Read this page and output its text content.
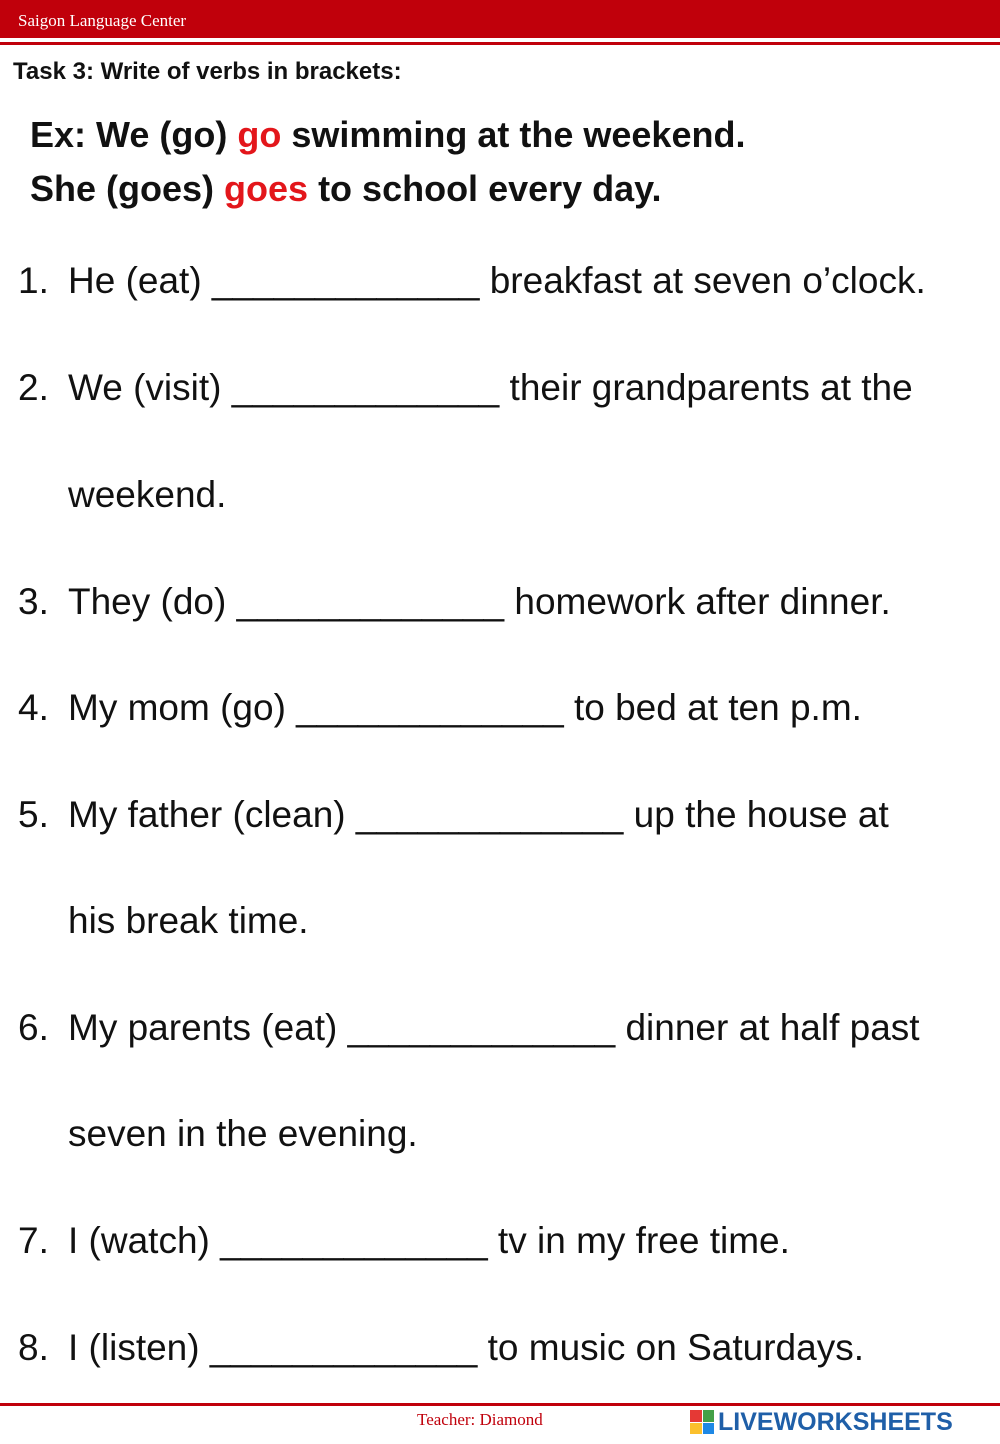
Saigon Language Center
Task 3: Write of verbs in brackets:
Ex: We (go) go swimming at the weekend.
She (goes) goes to school every day.
1. He (eat) _____________ breakfast at seven o’clock.
2. We (visit) _____________ their grandparents at the
weekend.
3. They (do) _____________ homework after dinner.
4. My mom (go) _____________ to bed at ten p.m.
5. My father (clean) _____________ up the house at
his break time.
6. My parents (eat) _____________ dinner at half past
seven in the evening.
7. I (watch) _____________ tv in my free time.
8. I (listen) _____________ to music on Saturdays.
Teacher: Diamond	LIVEWORKSHEETS
